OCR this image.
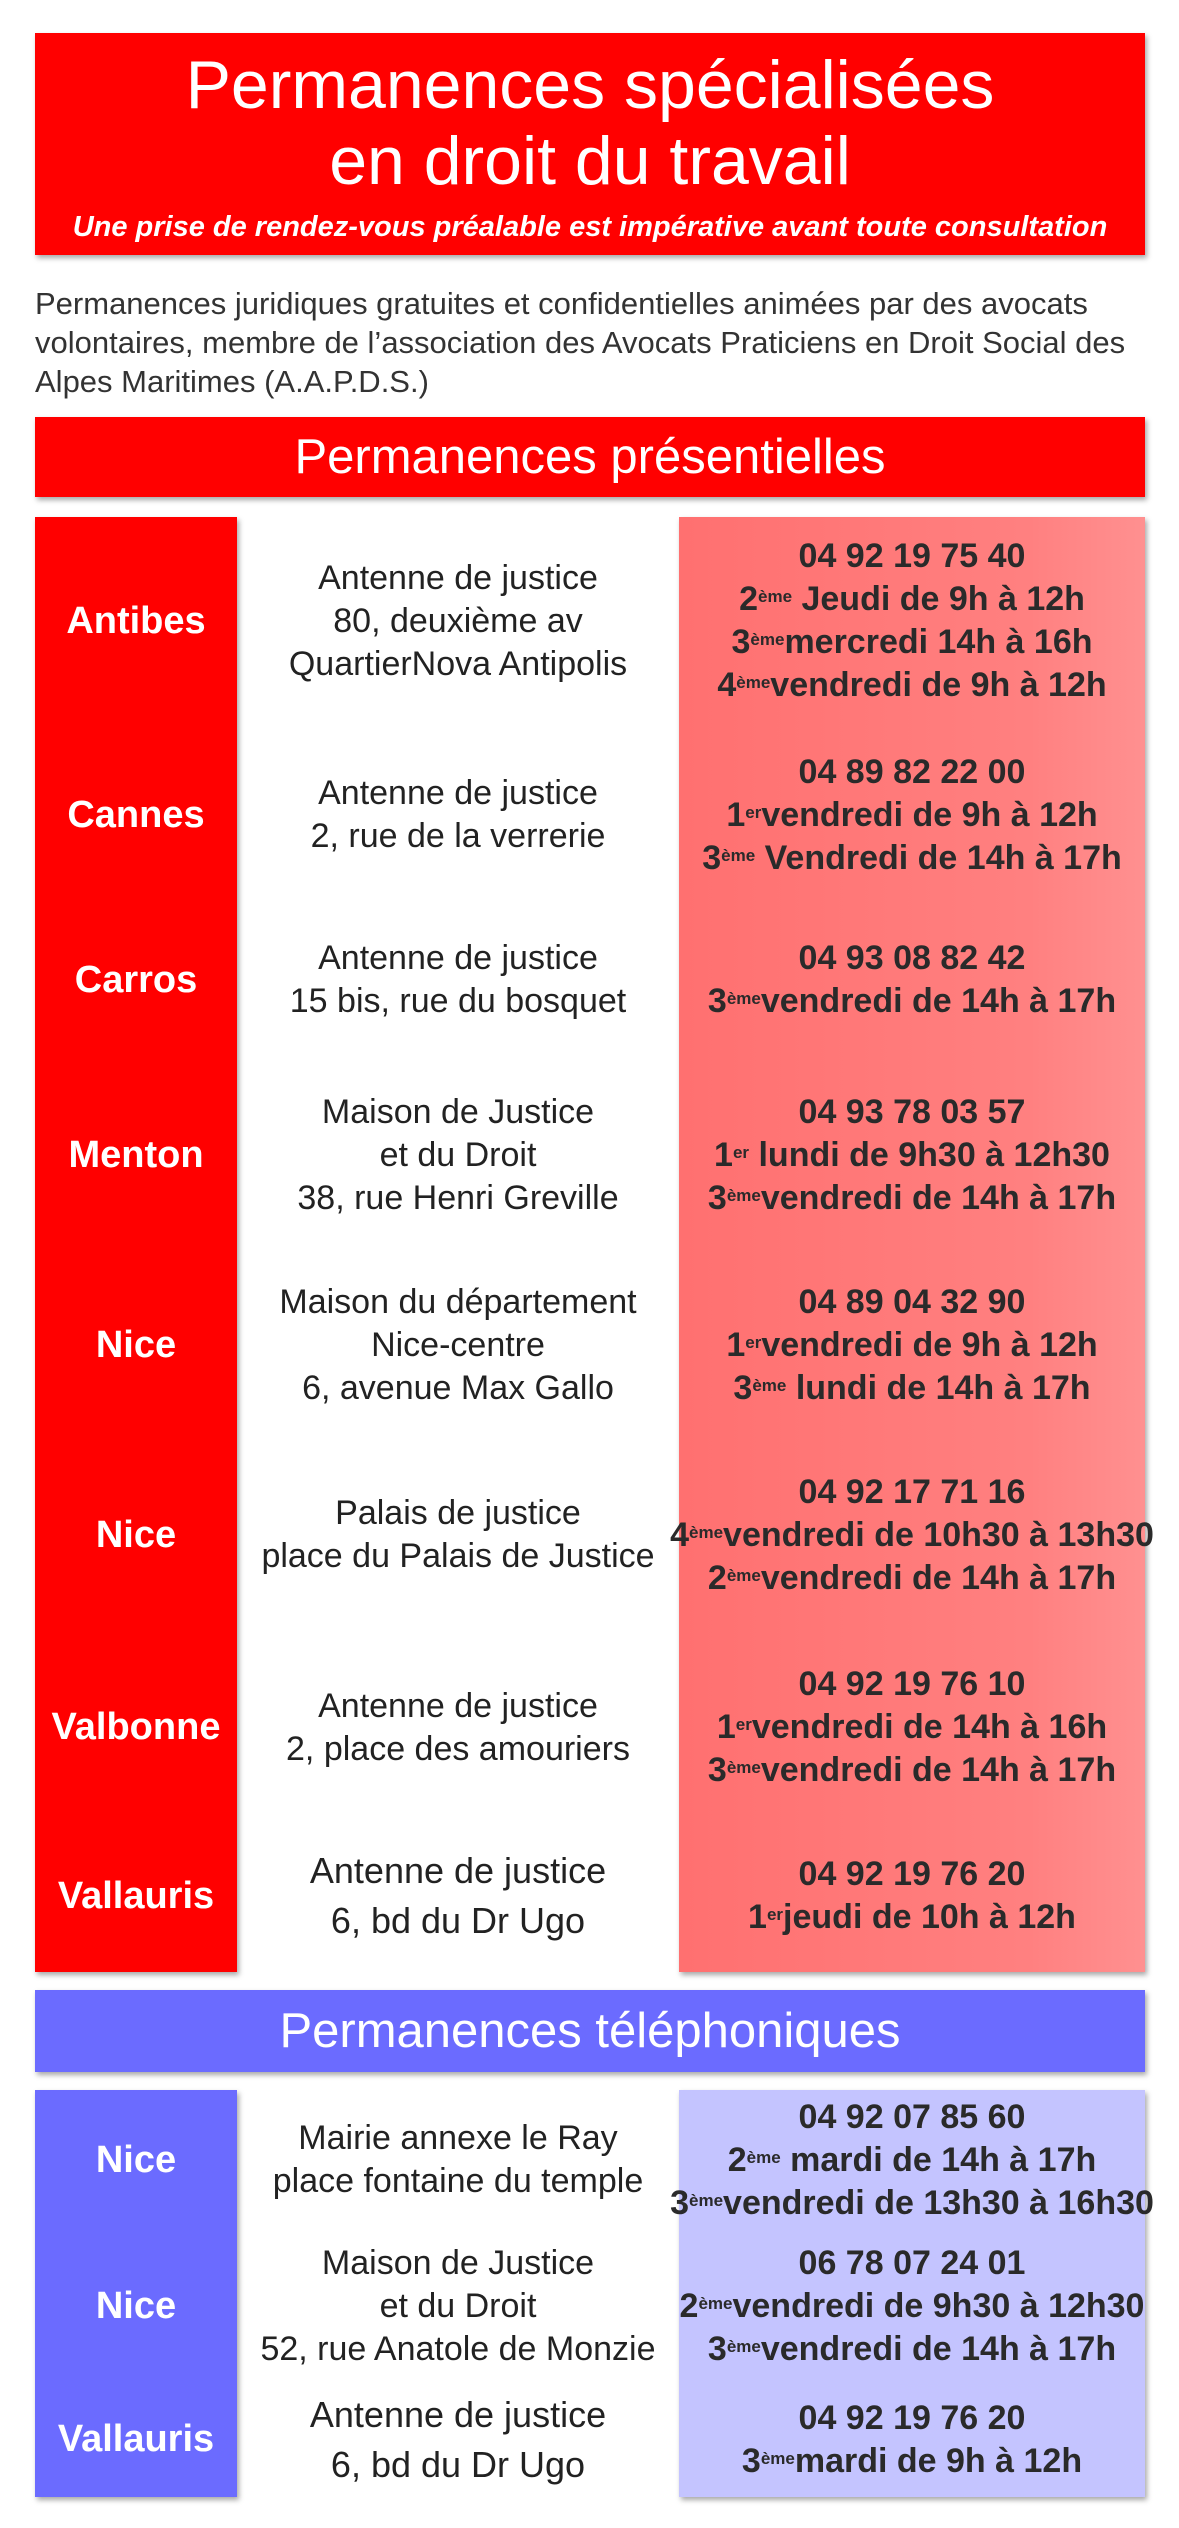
Permanences spécialisées
en droit du travail
Une prise de rendez-vous préalable est impérative avant toute consultation
Permanences juridiques gratuites et confidentielles animées par des avocats volontaires, membre de l’association des Avocats Praticiens en Droit Social des Alpes Maritimes (A.A.P.D.S.)
Permanences présentielles
Antibes
Antenne de justice
80, deuxième av
QuartierNova Antipolis
04 92 19 75 40
2ème Jeudi de 9h à 12h
3èmemercredi 14h à 16h
4èmevendredi de 9h à 12h
Cannes
Antenne de justice
2, rue de la verrerie
04 89 82 22 00
1ervendredi de 9h à 12h
3ème Vendredi de 14h à 17h
Carros
Antenne de justice
15 bis, rue du bosquet
04 93 08 82 42
3èmevendredi de 14h à 17h
Menton
Maison de Justice
et du Droit
38, rue Henri Greville
04 93 78 03 57
1er lundi de 9h30 à 12h30
3èmevendredi de 14h à 17h
Nice
Maison du département
Nice-centre
6, avenue Max Gallo
04 89 04 32 90
1ervendredi de 9h à 12h
3ème lundi de 14h à 17h
Nice
Palais de justice
place du Palais de Justice
04 92 17 71 16
4èmevendredi de 10h30 à 13h30
2èmevendredi de 14h à 17h
Valbonne
Antenne de justice
2, place des amouriers
04 92 19 76 10
1ervendredi de 14h à 16h
3èmevendredi de 14h à 17h
Vallauris
Antenne de justice
6, bd du Dr Ugo
04 92 19 76 20
1erjeudi de 10h à 12h
Permanences téléphoniques
Nice
Mairie annexe le Ray
place fontaine du temple
04 92 07 85 60
2ème mardi de 14h à 17h
3èmevendredi de 13h30 à 16h30
Nice
Maison de Justice
et du Droit
52, rue Anatole de Monzie
06 78 07 24 01
2èmevendredi de 9h30 à 12h30
3èmevendredi de 14h à 17h
Vallauris
Antenne de justice
6, bd du Dr Ugo
04 92 19 76 20
3èmemardi de 9h à 12h
